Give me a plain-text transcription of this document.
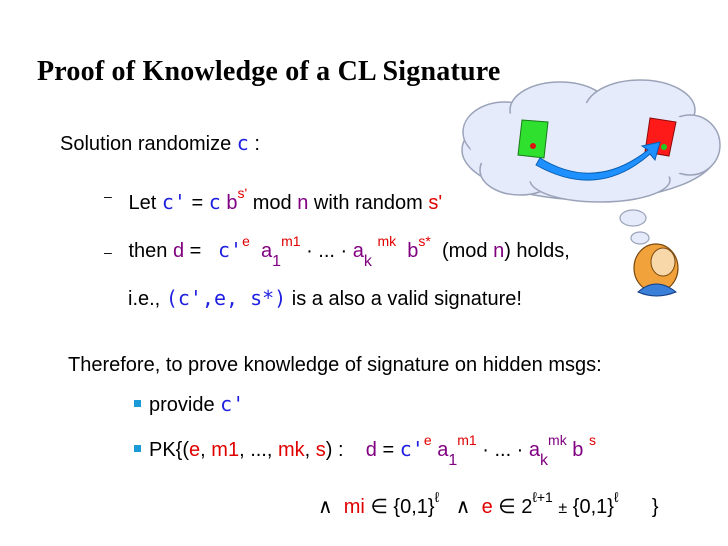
Proof of Knowledge of a CL Signature
Solution randomize c :
– Let c' = c $b^{s'}$ mod n with random s'
– then $d = c'^e$ $a_1^{m1}$ · ... · $a_k$ $^{mk}$ $b^{s*}$ (mod n) holds,
i.e., (c',e, s*) is a also a valid signature!
Therefore, to prove knowledge of signature on hidden msgs:
provide c'
PK{(e, m1, ..., mk, s) : $d = c'^e$ $a_1^{m1}$ · ... · $a_k^{mk}$ b $^s$
∧ mi ∈ $\{0,1\}^\ell$ ∧ e ∈ $2^{\ell+1} \pm \{0,1\}^\ell$ }
